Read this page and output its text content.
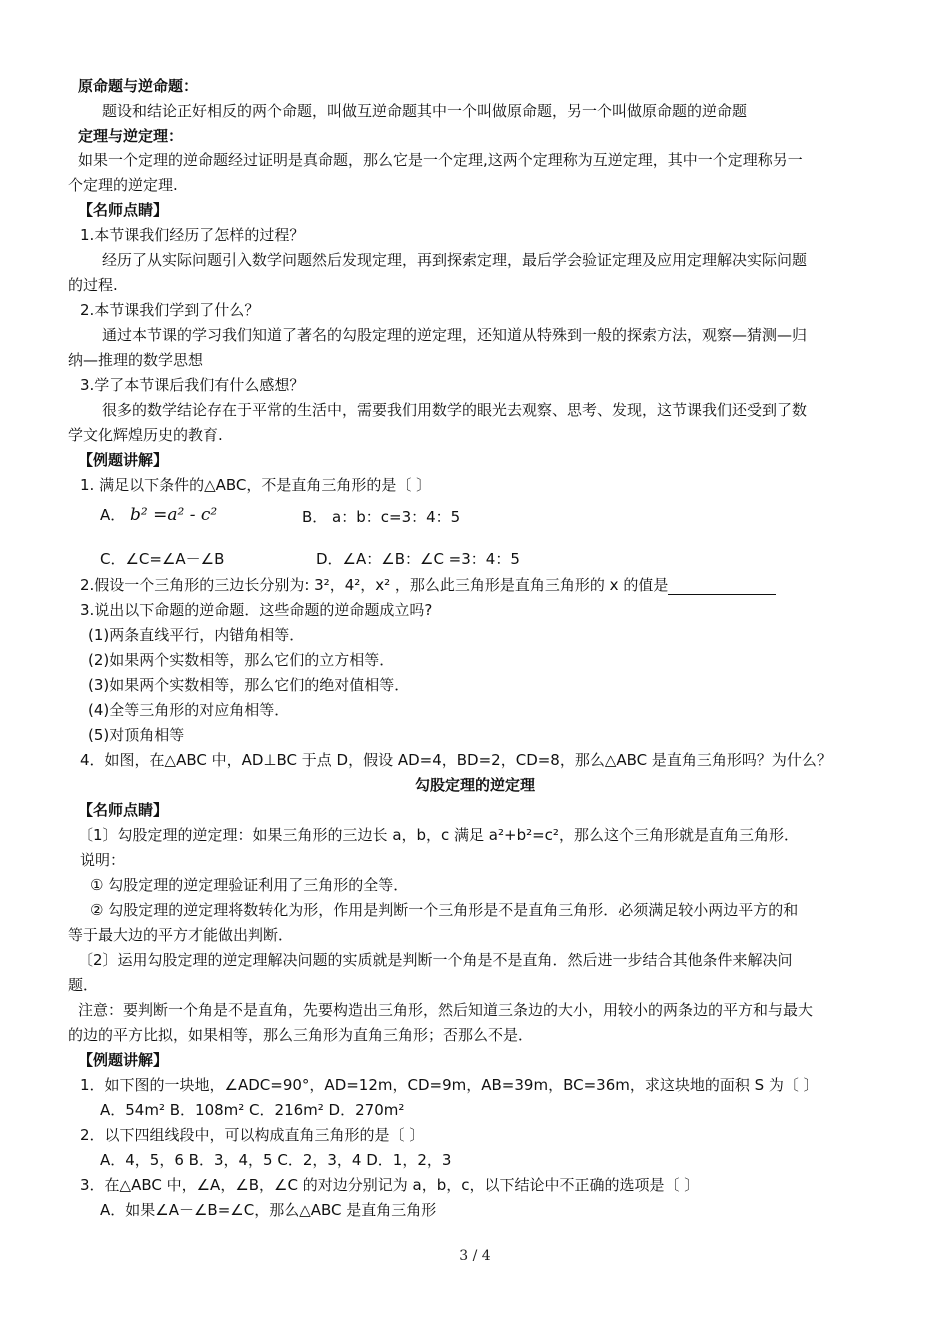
原命题与逆命题：
题设和结论正好相反的两个命题，叫做互逆命题其中一个叫做原命题，另一个叫做原命题的逆命题
定理与逆定理：
如果一个定理的逆命题经过证明是真命题，那么它是一个定理,这两个定理称为互逆定理，其中一个定理称另一
个定理的逆定理.
【名师点睛】
1.本节课我们经历了怎样的过程？
经历了从实际问题引入数学问题然后发现定理，再到探索定理，最后学会验证定理及应用定理解决实际问题
的过程.
2.本节课我们学到了什么？
通过本节课的学习我们知道了著名的勾股定理的逆定理，还知道从特殊到一般的探索方法，观察—猜测—归
纳—推理的数学思想
3.学了本节课后我们有什么感想？
很多的数学结论存在于平常的生活中，需要我们用数学的眼光去观察、思考、发现，这节课我们还受到了数
学文化辉煌历史的教育.
【例题讲解】
1. 满足以下条件的△ABC，不是直角三角形的是〔 〕
A． b² =a² - c²	B． a：b：c=3：4：5
C．∠C=∠A－∠B	D．∠A：∠B：∠C =3：4：5
2.假设一个三角形的三边长分别为: 3²，4²，x² ，那么此三角形是直角三角形的 x 的值是
3.说出以下命题的逆命题．这些命题的逆命题成立吗?
(1)两条直线平行，内错角相等．
(2)如果两个实数相等，那么它们的立方相等．
(3)如果两个实数相等，那么它们的绝对值相等．
(4)全等三角形的对应角相等．
(5)对顶角相等
4．如图，在△ABC 中，AD⊥BC 于点 D，假设 AD=4，BD=2，CD=8，那么△ABC 是直角三角形吗？为什么？
勾股定理的逆定理
【名师点睛】
〔1〕勾股定理的逆定理：如果三角形的三边长 a，b，c 满足 a²+b²=c²，那么这个三角形就是直角三角形．
说明：
① 勾股定理的逆定理验证利用了三角形的全等．
② 勾股定理的逆定理将数转化为形，作用是判断一个三角形是不是直角三角形．必须满足较小两边平方的和
等于最大边的平方才能做出判断．
〔2〕运用勾股定理的逆定理解决问题的实质就是判断一个角是不是直角．然后进一步结合其他条件来解决问
题．
注意：要判断一个角是不是直角，先要构造出三角形，然后知道三条边的大小，用较小的两条边的平方和与最大
的边的平方比拟，如果相等，那么三角形为直角三角形；否那么不是．
【例题讲解】
1．如下图的一块地，∠ADC=90°，AD=12m，CD=9m，AB=39m，BC=36m，求这块地的面积 S 为〔 〕
A．54m² B．108m² C．216m² D．270m²
2．以下四组线段中，可以构成直角三角形的是〔 〕
A．4，5，6 B．3，4，5 C．2，3，4 D．1，2，3
3．在△ABC 中，∠A，∠B，∠C 的对边分别记为 a，b，c，以下结论中不正确的选项是〔 〕
A．如果∠A－∠B=∠C，那么△ABC 是直角三角形
3 / 4
